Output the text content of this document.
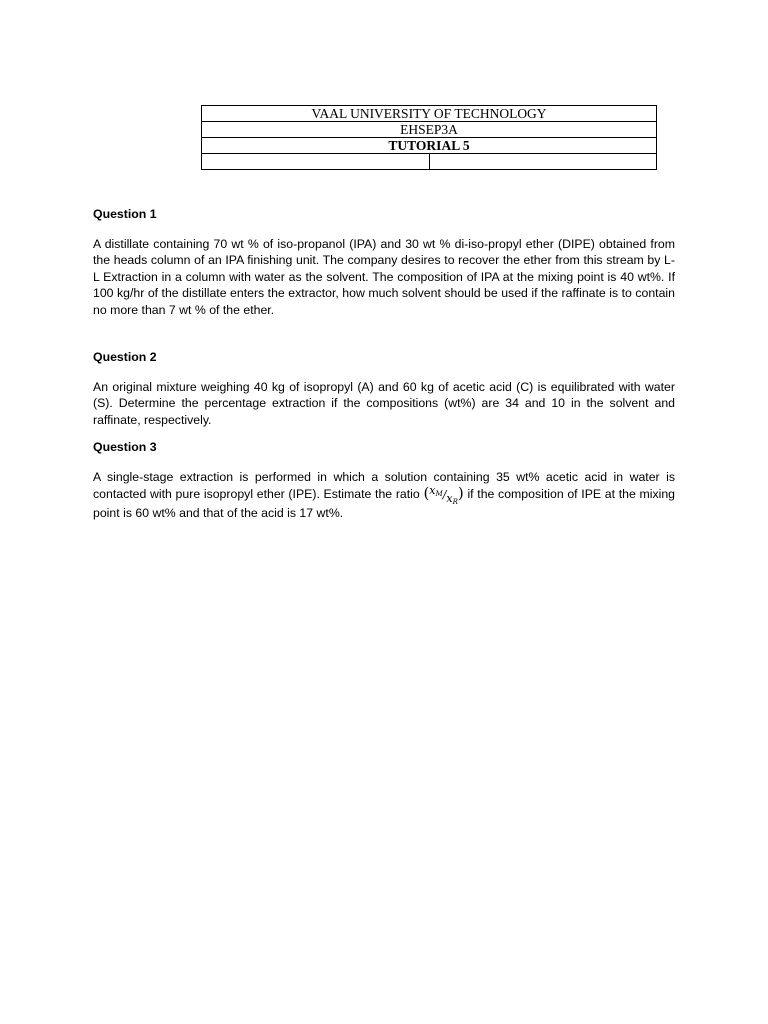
VAAL UNIVERSITY OF TECHNOLOGY
EHSEP3A
TUTORIAL 5

Question 1

A distillate containing 70 wt % of iso-propanol (IPA) and 30 wt % di-iso-propyl ether (DIPE) obtained from the heads column of an IPA finishing unit. The company desires to recover the ether from this stream by L-L Extraction in a column with water as the solvent. The composition of IPA at the mixing point is 40 wt%. If 100 kg/hr of the distillate enters the extractor, how much solvent should be used if the raffinate is to contain no more than 7 wt % of the ether.

Question 2

An original mixture weighing 40 kg of isopropyl (A) and 60 kg of acetic acid (C) is equilibrated with water (S). Determine the percentage extraction if the compositions (wt%) are 34 and 10 in the solvent and raffinate, respectively.

Question 3

A single-stage extraction is performed in which a solution containing 35 wt% acetic acid in water is contacted with pure isopropyl ether (IPE). Estimate the ratio $(x_M/x_R)$ if the composition of IPE at the mixing point is 60 wt% and that of the acid is 17 wt%.
